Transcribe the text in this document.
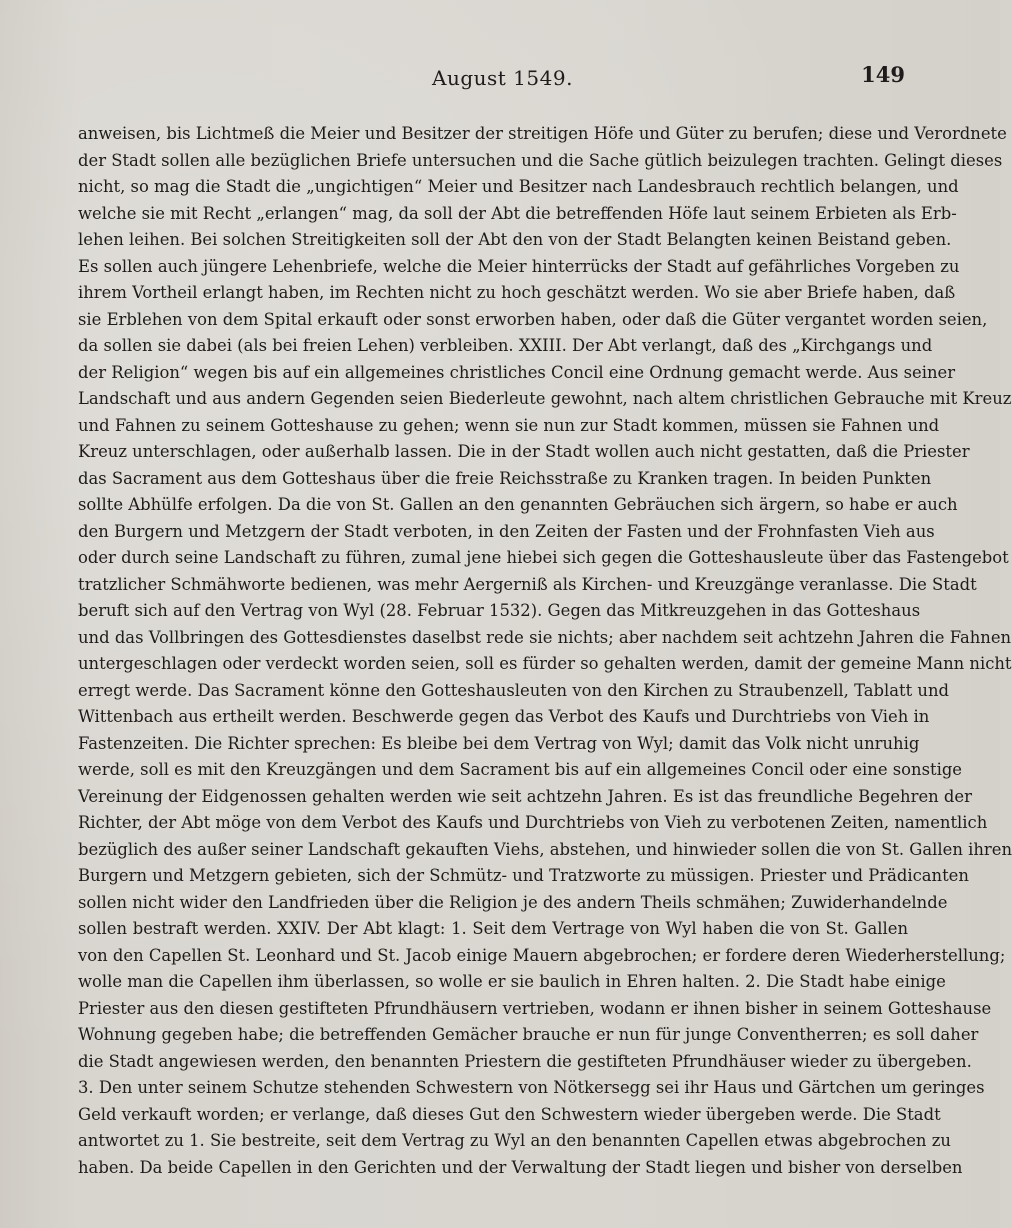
August 1549.	149
anweisen, bis Lichtmeß die Meier und Besitzer der streitigen Höfe und Güter zu berufen; diese und Verordnete
der Stadt sollen alle bezüglichen Briefe untersuchen und die Sache gütlich beizulegen trachten. Gelingt dieses
nicht, so mag die Stadt die „ungichtigen“ Meier und Besitzer nach Landesbrauch rechtlich belangen, und
welche sie mit Recht „erlangen“ mag, da soll der Abt die betreffenden Höfe laut seinem Erbieten als Erb-
lehen leihen. Bei solchen Streitigkeiten soll der Abt den von der Stadt Belangten keinen Beistand geben.
Es sollen auch jüngere Lehenbriefe, welche die Meier hinterrücks der Stadt auf gefährliches Vorgeben zu
ihrem Vortheil erlangt haben, im Rechten nicht zu hoch geschätzt werden. Wo sie aber Briefe haben, daß
sie Erblehen von dem Spital erkauft oder sonst erworben haben, oder daß die Güter vergantet worden seien,
da sollen sie dabei (als bei freien Lehen) verbleiben. XXIII. Der Abt verlangt, daß des „Kirchgangs und
der Religion“ wegen bis auf ein allgemeines christliches Concil eine Ordnung gemacht werde. Aus seiner
Landschaft und aus andern Gegenden seien Biederleute gewohnt, nach altem christlichen Gebrauche mit Kreuz
und Fahnen zu seinem Gotteshause zu gehen; wenn sie nun zur Stadt kommen, müssen sie Fahnen und
Kreuz unterschlagen, oder außerhalb lassen. Die in der Stadt wollen auch nicht gestatten, daß die Priester
das Sacrament aus dem Gotteshaus über die freie Reichsstraße zu Kranken tragen. In beiden Punkten
sollte Abhülfe erfolgen. Da die von St. Gallen an den genannten Gebräuchen sich ärgern, so habe er auch
den Burgern und Metzgern der Stadt verboten, in den Zeiten der Fasten und der Frohnfasten Vieh aus
oder durch seine Landschaft zu führen, zumal jene hiebei sich gegen die Gotteshausleute über das Fastengebot
tratzlicher Schmähworte bedienen, was mehr Aergerniß als Kirchen- und Kreuzgänge veranlasse. Die Stadt
beruft sich auf den Vertrag von Wyl (28. Februar 1532). Gegen das Mitkreuzgehen in das Gotteshaus
und das Vollbringen des Gottesdienstes daselbst rede sie nichts; aber nachdem seit achtzehn Jahren die Fahnen
untergeschlagen oder verdeckt worden seien, soll es fürder so gehalten werden, damit der gemeine Mann nicht
erregt werde. Das Sacrament könne den Gotteshausleuten von den Kirchen zu Straubenzell, Tablatt und
Wittenbach aus ertheilt werden. Beschwerde gegen das Verbot des Kaufs und Durchtriebs von Vieh in
Fastenzeiten. Die Richter sprechen: Es bleibe bei dem Vertrag von Wyl; damit das Volk nicht unruhig
werde, soll es mit den Kreuzgängen und dem Sacrament bis auf ein allgemeines Concil oder eine sonstige
Vereinung der Eidgenossen gehalten werden wie seit achtzehn Jahren. Es ist das freundliche Begehren der
Richter, der Abt möge von dem Verbot des Kaufs und Durchtriebs von Vieh zu verbotenen Zeiten, namentlich
bezüglich des außer seiner Landschaft gekauften Viehs, abstehen, und hinwieder sollen die von St. Gallen ihren
Burgern und Metzgern gebieten, sich der Schmütz- und Tratzworte zu müssigen. Priester und Prädicanten
sollen nicht wider den Landfrieden über die Religion je des andern Theils schmähen; Zuwiderhandelnde
sollen bestraft werden. XXIV. Der Abt klagt: 1. Seit dem Vertrage von Wyl haben die von St. Gallen
von den Capellen St. Leonhard und St. Jacob einige Mauern abgebrochen; er fordere deren Wiederherstellung;
wolle man die Capellen ihm überlassen, so wolle er sie baulich in Ehren halten. 2. Die Stadt habe einige
Priester aus den diesen gestifteten Pfrundhäusern vertrieben, wodann er ihnen bisher in seinem Gotteshause
Wohnung gegeben habe; die betreffenden Gemächer brauche er nun für junge Conventherren; es soll daher
die Stadt angewiesen werden, den benannten Priestern die gestifteten Pfrundhäuser wieder zu übergeben.
3. Den unter seinem Schutze stehenden Schwestern von Nötkersegg sei ihr Haus und Gärtchen um geringes
Geld verkauft worden; er verlange, daß dieses Gut den Schwestern wieder übergeben werde. Die Stadt
antwortet zu 1. Sie bestreite, seit dem Vertrag zu Wyl an den benannten Capellen etwas abgebrochen zu
haben. Da beide Capellen in den Gerichten und der Verwaltung der Stadt liegen und bisher von derselben
